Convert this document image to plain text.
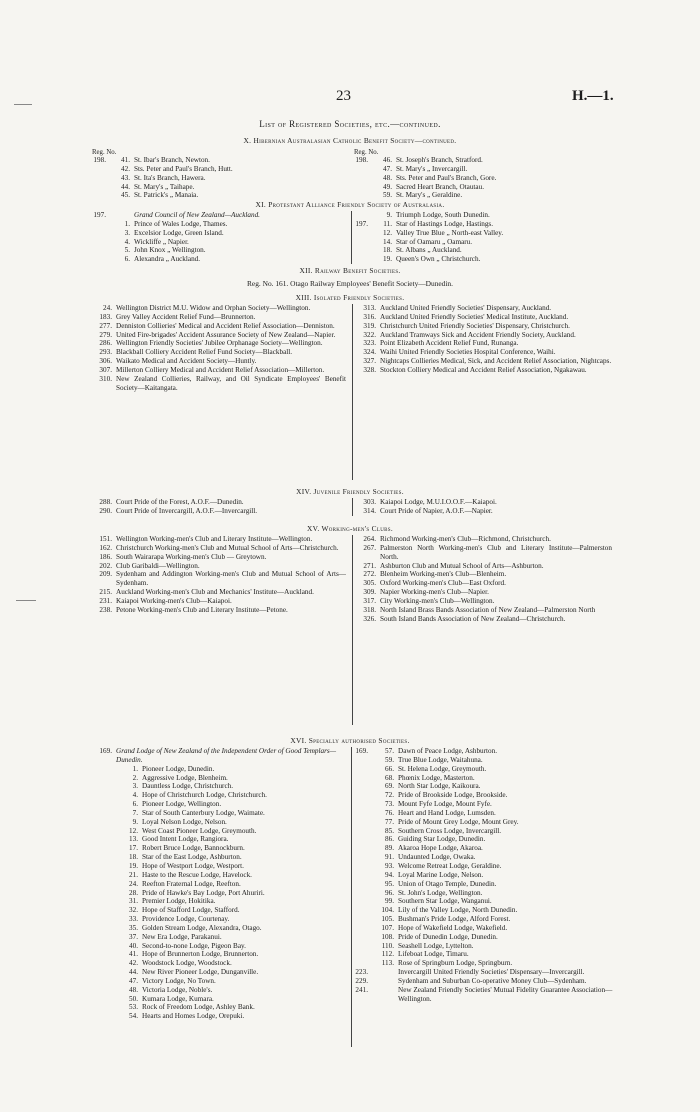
23	H.—1.
List of Registered Societies, etc.—continued.
X. Hibernian Australasian Catholic Benefit Society—continued.
Reg. No.	Reg. No.
198.	41. St. Ibar's Branch, Newton.
42. Sts. Peter and Paul's Branch, Hutt.
43. St. Ita's Branch, Hawera.
44. St. Mary's „ Taihape.
45. St. Patrick's „ Manaia.
198.	46. St. Joseph's Branch, Stratford.
47. St. Mary's „ Invercargill.
48. Sts. Peter and Paul's Branch, Gore.
49. Sacred Heart Branch, Otautau.
59. St. Mary's „ Geraldine.
XI. Protestant Alliance Friendly Society of Australasia.
197.	Grand Council of New Zealand—Auckland.
1. Prince of Wales Lodge, Thames.
3. Excelsior Lodge, Green Island.
4. Wickliffe „ Napier.
5. John Knox „ Wellington.
6. Alexandra „ Auckland.
9. Triumph Lodge, South Dunedin.
197.	11. Star of Hastings Lodge, Hastings.
12. Valley True Blue „ North-east Valley.
14. Star of Oamaru „ Oamaru.
18. St. Albans „ Auckland.
19. Queen's Own „ Christchurch.
XII. Railway Benefit Societies.
Reg. No. 161. Otago Railway Employees' Benefit Society—Dunedin.
XIII. Isolated Friendly Societies.
24. Wellington District M.U. Widow and Orphan Society—Wellington.
183. Grey Valley Accident Relief Fund—Brunnerton.
277. Denniston Collieries' Medical and Accident Relief Association—Denniston.
279. United Fire-brigades' Accident Assurance Society of New Zealand—Napier.
286. Wellington Friendly Societies' Jubilee Orphanage Society—Wellington.
293. Blackball Colliery Accident Relief Fund Society—Blackball.
306. Waikato Medical and Accident Society—Huntly.
307. Millerton Colliery Medical and Accident Relief Association—Millerton.
310. New Zealand Collieries, Railway, and Oil Syndicate Employees' Benefit Society—Kaitangata.
313. Auckland United Friendly Societies' Dispensary, Auckland.
316. Auckland United Friendly Societies' Medical Institute, Auckland.
319. Christchurch United Friendly Societies' Dispensary, Christchurch.
322. Auckland Tramways Sick and Accident Friendly Society, Auckland.
323. Point Elizabeth Accident Relief Fund, Runanga.
324. Waihi United Friendly Societies Hospital Conference, Waihi.
327. Nightcaps Collieries Medical, Sick, and Accident Relief Association, Nightcaps.
328. Stockton Colliery Medical and Accident Relief Association, Ngakawau.
XIV. Juvenile Friendly Societies.
288. Court Pride of the Forest, A.O.F.—Dunedin.
290. Court Pride of Invercargill, A.O.F.—Invercargill.
303. Kaiapoi Lodge, M.U.I.O.O.F.—Kaiapoi.
314. Court Pride of Napier, A.O.F.—Napier.
XV. Working-men's Clubs.
151. Wellington Working-men's Club and Literary Institute—Wellington.
162. Christchurch Working-men's Club and Mutual School of Arts—Christchurch.
186. South Wairarapa Working-men's Club — Greytown.
202. Club Garibaldi—Wellington.
209. Sydenham and Addington Working-men's Club and Mutual School of Arts—Sydenham.
215. Auckland Working-men's Club and Mechanics' Institute—Auckland.
231. Kaiapoi Working-men's Club—Kaiapoi.
238. Petone Working-men's Club and Literary Institute—Petone.
264. Richmond Working-men's Club—Richmond, Christchurch.
267. Palmerston North Working-men's Club and Literary Institute—Palmerston North.
271. Ashburton Club and Mutual School of Arts—Ashburton.
272. Blenheim Working-men's Club—Blenheim.
305. Oxford Working-men's Club—East Oxford.
309. Napier Working-men's Club—Napier.
317. City Working-men's Club—Wellington.
318. North Island Brass Bands Association of New Zealand—Palmerston North
326. South Island Bands Association of New Zealand—Christchurch.
XVI. Specially authorised Societies.
169. Grand Lodge of New Zealand of the Independent Order of Good Templars—Dunedin.
1. Pioneer Lodge, Dunedin.
2. Aggressive Lodge, Blenheim.
3. Dauntless Lodge, Christchurch.
4. Hope of Christchurch Lodge, Christchurch.
6. Pioneer Lodge, Wellington.
7. Star of South Canterbury Lodge, Waimate.
9. Loyal Nelson Lodge, Nelson.
12. West Coast Pioneer Lodge, Greymouth.
13. Good Intent Lodge, Rangiora.
17. Robert Bruce Lodge, Bannockburn.
18. Star of the East Lodge, Ashburton.
19. Hope of Westport Lodge, Westport.
21. Haste to the Rescue Lodge, Havelock.
24. Reefton Fraternal Lodge, Reefton.
28. Pride of Hawke's Bay Lodge, Port Ahuriri.
31. Premier Lodge, Hokitika.
32. Hope of Stafford Lodge, Stafford.
33. Providence Lodge, Courtenay.
35. Golden Stream Lodge, Alexandra, Otago.
37. New Era Lodge, Parakanui.
40. Second-to-none Lodge, Pigeon Bay.
41. Hope of Brunnerton Lodge, Brunnerton.
42. Woodstock Lodge, Woodstock.
44. New River Pioneer Lodge, Dunganville.
47. Victory Lodge, No Town.
48. Victoria Lodge, Noble's.
50. Kumara Lodge, Kumara.
53. Rock of Freedom Lodge, Ashley Bank.
54. Hearts and Homes Lodge, Orepuki.
169.	57. Dawn of Peace Lodge, Ashburton.
59. True Blue Lodge, Waitahuna.
66. St. Helena Lodge, Greymouth.
68. Phœnix Lodge, Masterton.
69. North Star Lodge, Kaikoura.
72. Pride of Brookside Lodge, Brookside.
73. Mount Fyfe Lodge, Mount Fyfe.
76. Heart and Hand Lodge, Lumsden.
77. Pride of Mount Grey Lodge, Mount Grey.
85. Southern Cross Lodge, Invercargill.
86. Guiding Star Lodge, Dunedin.
89. Akaroa Hope Lodge, Akaroa.
91. Undaunted Lodge, Owaka.
93. Welcome Retreat Lodge, Geraldine.
94. Loyal Marine Lodge, Nelson.
95. Union of Otago Temple, Dunedin.
96. St. John's Lodge, Wellington.
99. Southern Star Lodge, Wanganui.
104. Lily of the Valley Lodge, North Dunedin.
105. Bushman's Pride Lodge, Alford Forest.
107. Hope of Wakefield Lodge, Wakefield.
108. Pride of Dunedin Lodge, Dunedin.
110. Seashell Lodge, Lyttelton.
112. Lifeboat Lodge, Timaru.
113. Rose of Springburn Lodge, Springburn.
223.	Invercargill United Friendly Societies' Dispensary—Invercargill.
229.	Sydenham and Suburban Co-operative Money Club—Sydenham.
241.	New Zealand Friendly Societies' Mutual Fidelity Guarantee Association—Wellington.
